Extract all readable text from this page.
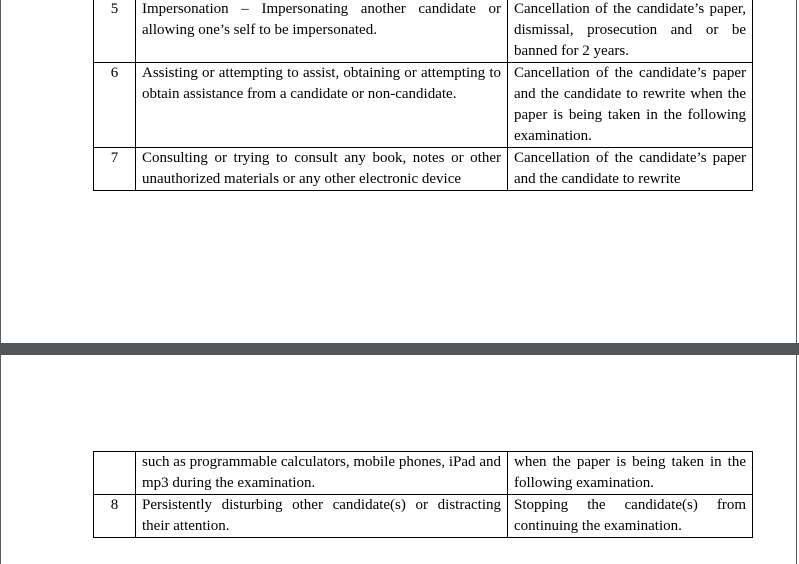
5	Impersonation – Impersonating another candidate or allowing one’s self to be impersonated.	Cancellation of the candidate’s paper, dismissal, prosecution and or be banned for 2 years.
6	Assisting or attempting to assist, obtaining or attempting to obtain assistance from a candidate or non-candidate.	Cancellation of the candidate’s paper and the candidate to rewrite when the paper is being taken in the following examination.
7	Consulting or trying to consult any book, notes or other unauthorized materials or any other electronic device	Cancellation of the candidate’s paper and the candidate to rewrite
	such as programmable calculators, mobile phones, iPad and mp3 during the examination.	when the paper is being taken in the following examination.
8	Persistently disturbing other candidate(s) or distracting their attention.	Stopping the candidate(s) from continuing the examination.
